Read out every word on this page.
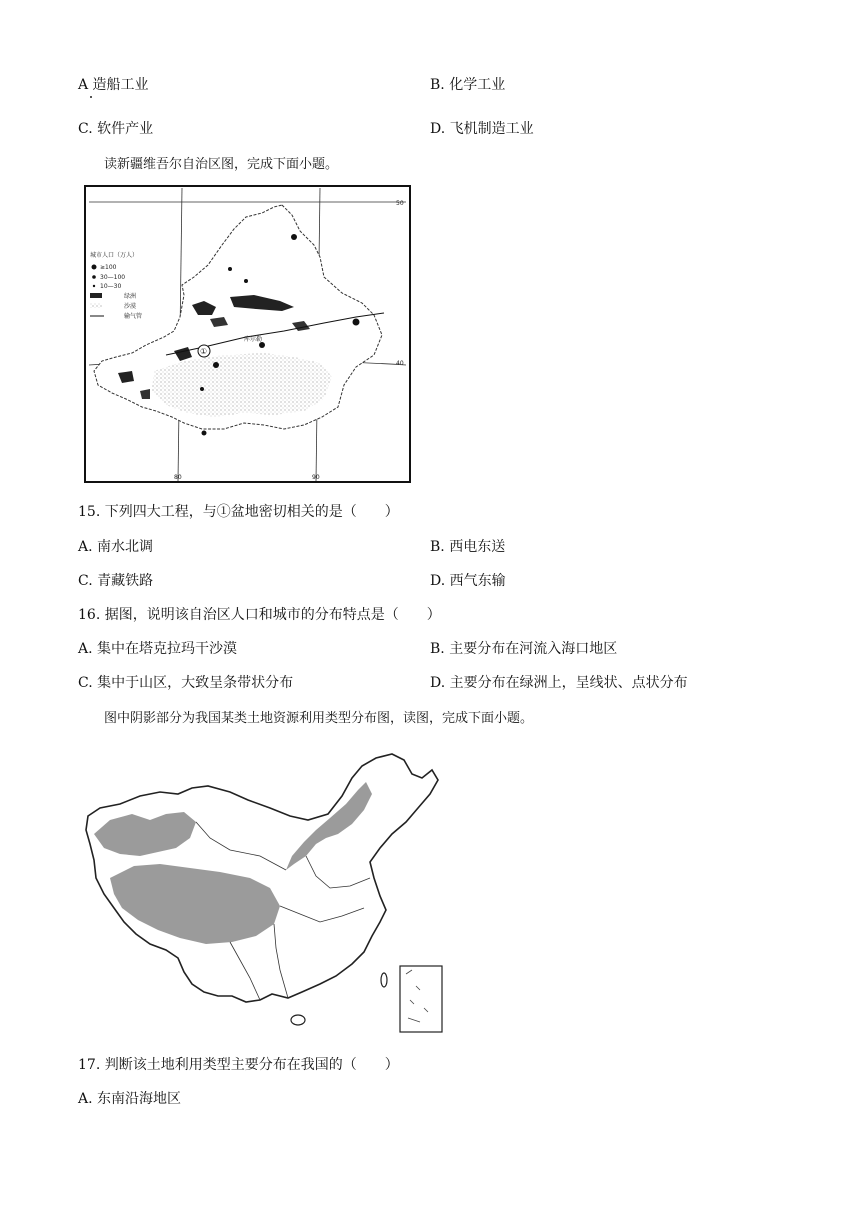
A 造船工业	B. 化学工业
C. 软件产业	D. 飞机制造工业
读新疆维吾尔自治区图，完成下面小题。
50
40
80	90
①
库尔勒
城市人口（万人）
≥100
30—100
10—30
绿洲
沙漠
输气管
15. 下列四大工程，与①盆地密切相关的是（　　）
A. 南水北调	B. 西电东送
C. 青藏铁路	D. 西气东输
16. 据图，说明该自治区人口和城市的分布特点是（　　）
A. 集中在塔克拉玛干沙漠	B. 主要分布在河流入海口地区
C. 集中于山区，大致呈条带状分布	D. 主要分布在绿洲上，呈线状、点状分布
图中阴影部分为我国某类土地资源利用类型分布图，读图，完成下面小题。
17. 判断该土地利用类型主要分布在我国的（　　）
A. 东南沿海地区
